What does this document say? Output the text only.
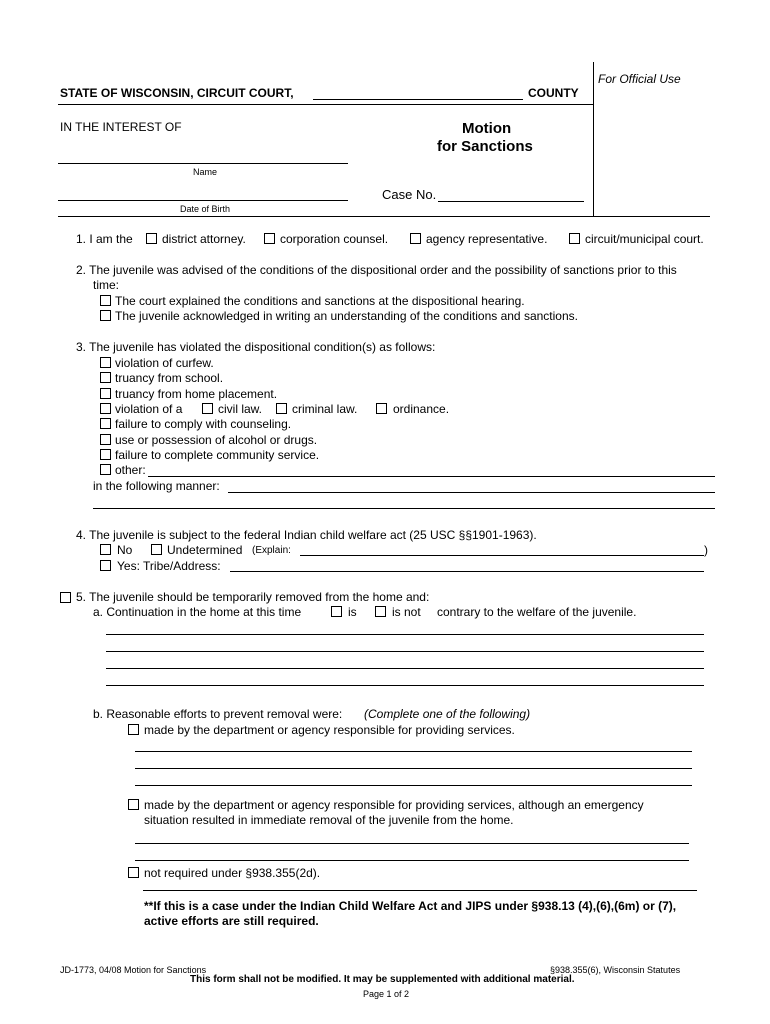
For Official Use
STATE OF WISCONSIN, CIRCUIT COURT,	COUNTY
IN THE INTEREST OF	Motion
for Sanctions
Name
Date of Birth
Case No.
1. I am the district attorney.	corporation counsel.	agency representative.	circuit/municipal court.
2. The juvenile was advised of the conditions of the dispositional order and the possibility of sanctions prior to this
time:
The court explained the conditions and sanctions at the dispositional hearing.
The juvenile acknowledged in writing an understanding of the conditions and sanctions.
3. The juvenile has violated the dispositional condition(s) as follows:
violation of curfew.
truancy from school.
truancy from home placement.
violation of a	civil law. criminal law.	ordinance.
failure to comply with counseling.
use or possession of alcohol or drugs.
failure to complete community service.
other:
in the following manner:
4. The juvenile is subject to the federal Indian child welfare act (25 USC §§1901-1963).
No	Undetermined (Explain:	)
Yes: Tribe/Address:
5. The juvenile should be temporarily removed from the home and:
a. Continuation in the home at this time	is	is not contrary to the welfare of the juvenile.
b. Reasonable efforts to prevent removal were: (Complete one of the following)
made by the department or agency responsible for providing services.
made by the department or agency responsible for providing services, although an emergency
situation resulted in immediate removal of the juvenile from the home.
not required under §938.355(2d).
**If this is a case under the Indian Child Welfare Act and JIPS under §938.13 (4),(6),(6m) or (7),
active efforts are still required.
JD-1773, 04/08 Motion for Sanctions	§938.355(6), Wisconsin Statutes
This form shall not be modified. It may be supplemented with additional material.
Page 1 of 2
